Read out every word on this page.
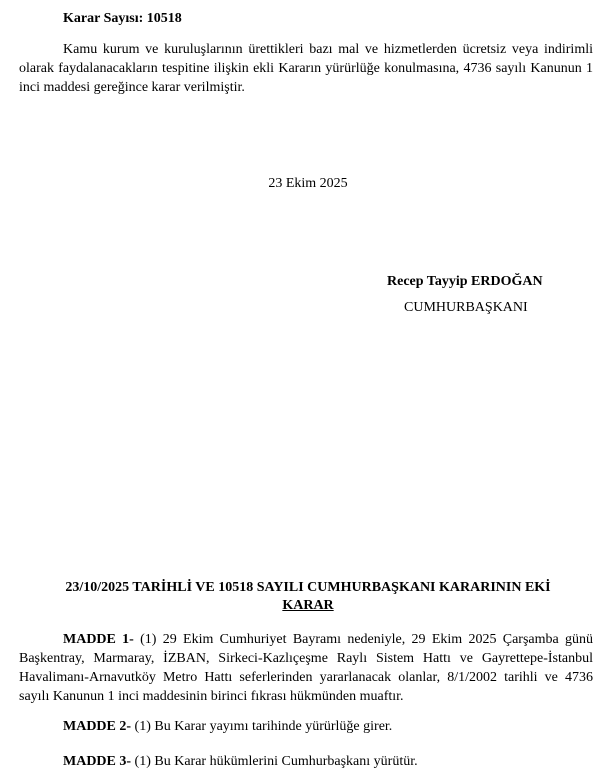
Karar Sayısı: 10518

Kamu kurum ve kuruluşlarının ürettikleri bazı mal ve hizmetlerden ücretsiz veya indirimli olarak faydalanacakların tespitine ilişkin ekli Kararın yürürlüğe konulmasına, 4736 sayılı Kanunun 1 inci maddesi gereğince karar verilmiştir.

23 Ekim 2025
Recep Tayyip ERDOĞAN
CUMHURBAŞKANI
23/10/2025 TARİHLİ VE 10518 SAYILI CUMHURBAŞKANI KARARININ EKİ
KARAR

MADDE 1- (1) 29 Ekim Cumhuriyet Bayramı nedeniyle, 29 Ekim 2025 Çarşamba günü Başkentray, Marmaray, İZBAN, Sirkeci-Kazlıçeşme Raylı Sistem Hattı ve Gayrettepe-İstanbul Havalimanı-Arnavutköy Metro Hattı seferlerinden yararlanacak olanlar, 8/1/2002 tarihli ve 4736 sayılı Kanunun 1 inci maddesinin birinci fıkrası hükmünden muaftır.

MADDE 2- (1) Bu Karar yayımı tarihinde yürürlüğe girer.

MADDE 3- (1) Bu Karar hükümlerini Cumhurbaşkanı yürütür.
